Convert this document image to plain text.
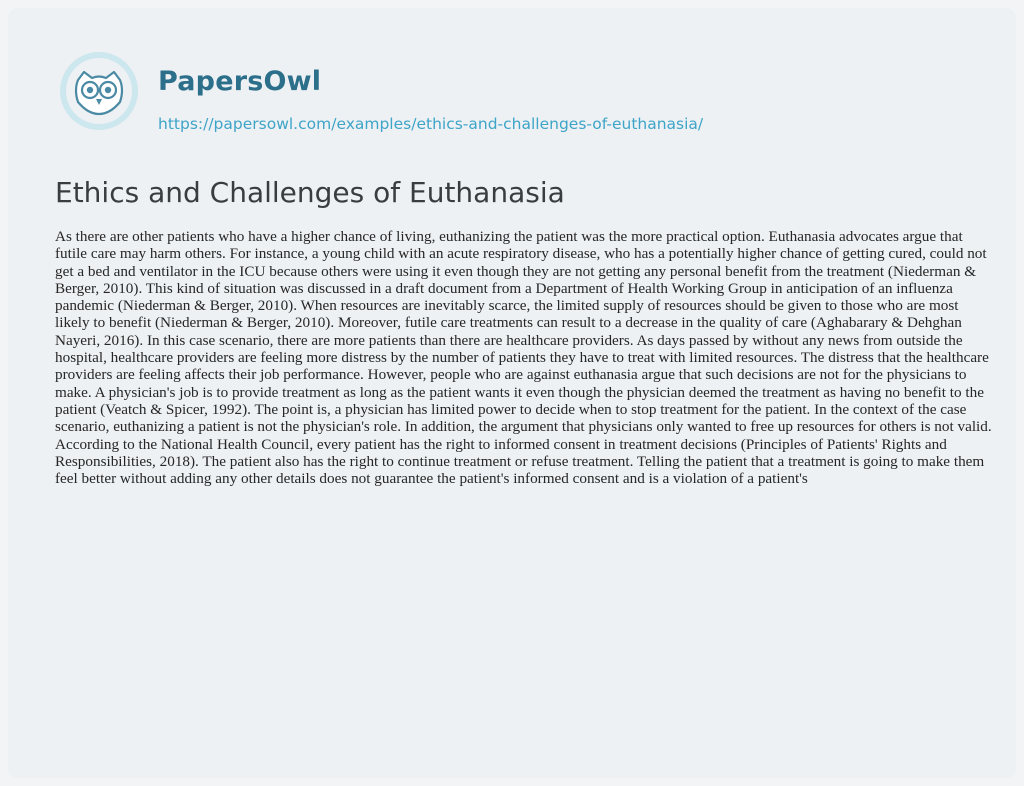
PapersOwl
https://papersowl.com/examples/ethics-and-challenges-of-euthanasia/
Ethics and Challenges of Euthanasia

As there are other patients who have a higher chance of living, euthanizing the patient was the more practical option. Euthanasia advocates argue that futile care may harm others. For instance, a young child with an acute respiratory disease, who has a potentially higher chance of getting cured, could not get a bed and ventilator in the ICU because others were using it even though they are not getting any personal benefit from the treatment (Niederman & Berger, 2010). This kind of situation was discussed in a draft document from a Department of Health Working Group in anticipation of an influenza pandemic (Niederman & Berger, 2010). When resources are inevitably scarce, the limited supply of resources should be given to those who are most likely to benefit (Niederman & Berger, 2010). Moreover, futile care treatments can result to a decrease in the quality of care (Aghabarary & Dehghan Nayeri, 2016). In this case scenario, there are more patients than there are healthcare providers. As days passed by without any news from outside the hospital, healthcare providers are feeling more distress by the number of patients they have to treat with limited resources. The distress that the healthcare providers are feeling affects their job performance. However, people who are against euthanasia argue that such decisions are not for the physicians to make. A physician's job is to provide treatment as long as the patient wants it even though the physician deemed the treatment as having no benefit to the patient (Veatch & Spicer, 1992). The point is, a physician has limited power to decide when to stop treatment for the patient. In the context of the case scenario, euthanizing a patient is not the physician's role. In addition, the argument that physicians only wanted to free up resources for others is not valid. According to the National Health Council, every patient has the right to informed consent in treatment decisions (Principles of Patients' Rights and Responsibilities, 2018). The patient also has the right to continue treatment or refuse treatment. Telling the patient that a treatment is going to make them feel better without adding any other details does not guarantee the patient's informed consent and is a violation of a patient's
